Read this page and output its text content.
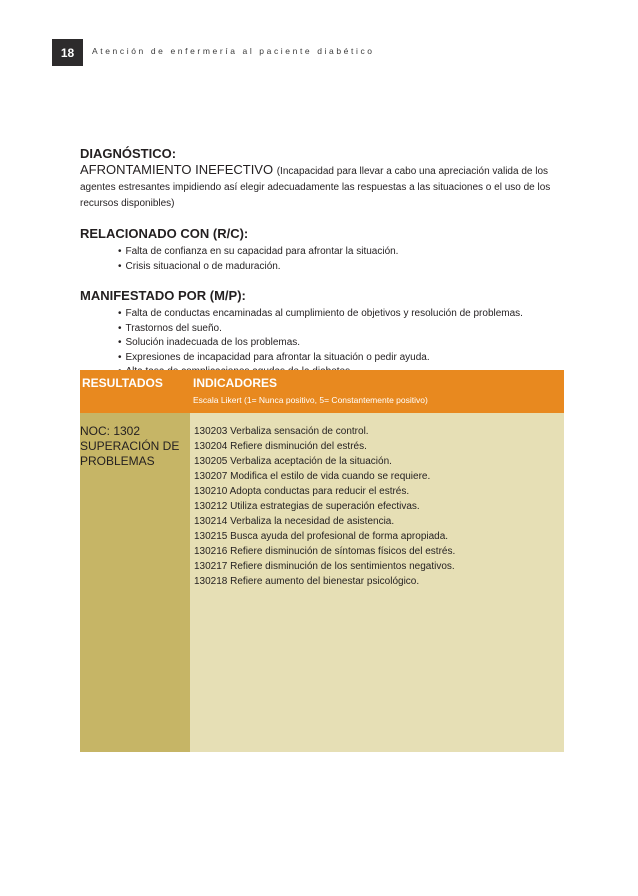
18	Atención de enfermería al paciente diabético
DIAGNÓSTICO:
AFRONTAMIENTO INEFECTIVO (Incapacidad para llevar a cabo una apreciación valida de los
agentes estresantes impidiendo así elegir adecuadamente las respuestas a las situaciones o el uso de los recursos disponibles)
RELACIONADO CON (R/C):
• Falta de confianza en su capacidad para afrontar la situación.
• Crisis situacional o de maduración.
MANIFESTADO POR (M/P):
• Falta de conductas encaminadas al cumplimiento de objetivos y resolución de problemas.
• Trastornos del sueño.
• Solución inadecuada de los problemas.
• Expresiones de incapacidad para afrontar la situación o pedir ayuda.
•
RESULTADOS	INDICADORES
Escala Likert (1= Nunca positivo, 5= Constantemente positivo)
NOC: 1302
SUPERACIÓN DE
PROBLEMAS
130203 Verbaliza sensación de control.
130204 Refiere disminución del estrés.
130205 Verbaliza aceptación de la situación.
130207 Modifica el estilo de vida cuando se requiere.
130210 Adopta conductas para reducir el estrés.
130212 Utiliza estrategias de superación efectivas.
130214 Verbaliza la necesidad de asistencia.
130215 Busca ayuda del profesional de forma apropiada.
130216 Refiere disminución de síntomas físicos del estrés.
130217 Refiere disminución de los sentimientos negativos.
130218 Refiere aumento del bienestar psicológico.
